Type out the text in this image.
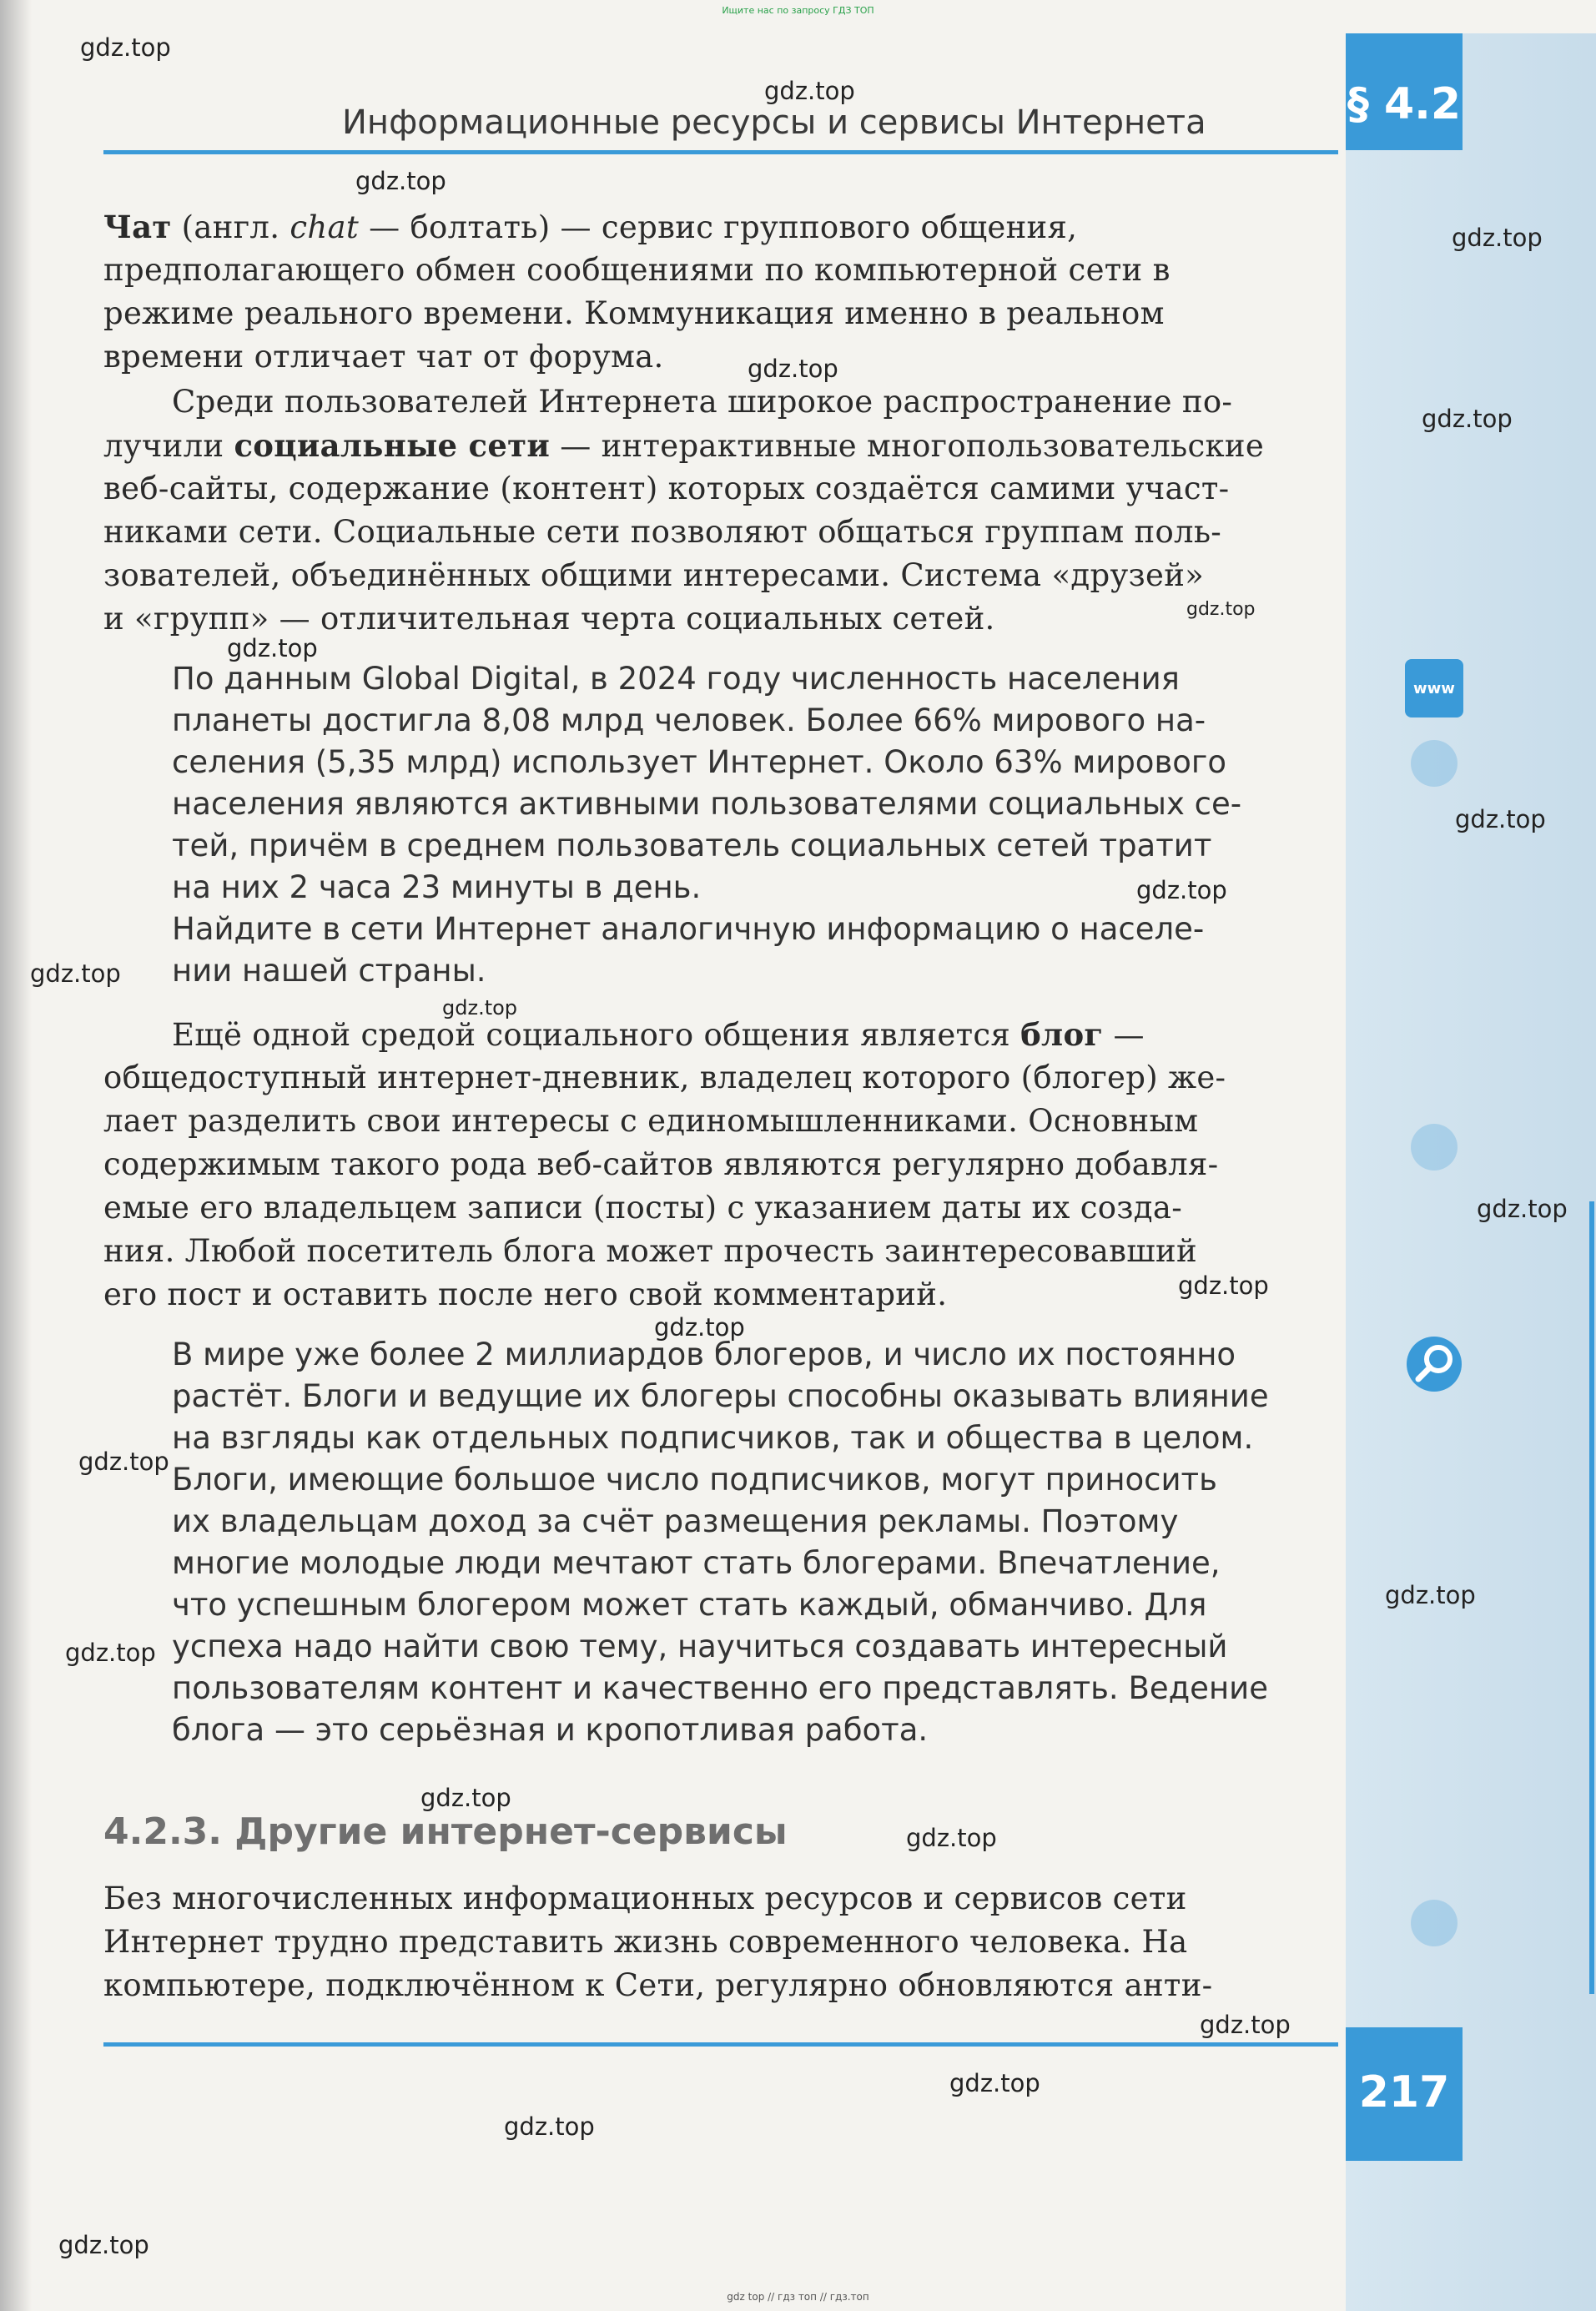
§ 4.2
217
Ищите нас по запросу ГДЗ ТОП
gdz top // гдз топ // гдз.топ
Информационные ресурсы и сервисы Интернета
Чат (англ. chat — болтать) — сервис группового общения,
предполагающего обмен сообщениями по компьютерной сети в
режиме реального времени. Коммуникация именно в реальном
времени отличает чат от форума.
Среди пользователей Интернета широкое распространение по-
лучили социальные сети — интерактивные многопользовательские
веб-сайты, содержание (контент) которых создаётся самими участ-
никами сети. Социальные сети позволяют общаться группам поль-
зователей, объединённых общими интересами. Система «друзей»
и «групп» — отличительная черта социальных сетей.
По данным Global Digital, в 2024 году численность населения
планеты достигла 8,08 млрд человек. Более 66% мирового на-
селения (5,35 млрд) использует Интернет. Около 63% мирового
населения являются активными пользователями социальных се-
тей, причём в среднем пользователь социальных сетей тратит
на них 2 часа 23 минуты в день.
Найдите в сети Интернет аналогичную информацию о населе-
нии нашей страны.
Ещё одной средой социального общения является блог —
общедоступный интернет-дневник, владелец которого (блогер) же-
лает разделить свои интересы с единомышленниками. Основным
содержимым такого рода веб-сайтов являются регулярно добавля-
емые его владельцем записи (посты) с указанием даты их созда-
ния. Любой посетитель блога может прочесть заинтересовавший
его пост и оставить после него свой комментарий.
В мире уже более 2 миллиардов блогеров, и число их постоянно
растёт. Блоги и ведущие их блогеры способны оказывать влияние
на взгляды как отдельных подписчиков, так и общества в целом.
Блоги, имеющие большое число подписчиков, могут приносить
их владельцам доход за счёт размещения рекламы. Поэтому
многие молодые люди мечтают стать блогерами. Впечатление,
что успешным блогером может стать каждый, обманчиво. Для
успеха надо найти свою тему, научиться создавать интересный
пользователям контент и качественно его представлять. Ведение
блога — это серьёзная и кропотливая работа.
4.2.3. Другие интернет-сервисы
Без многочисленных информационных ресурсов и сервисов сети
Интернет трудно представить жизнь современного человека. На
компьютере, подключённом к Сети, регулярно обновляются анти-
www
gdz.top
gdz.top
gdz.top
gdz.top
gdz.top
gdz.top
gdz.top
gdz.top
gdz.top
gdz.top
gdz.top
gdz.top
gdz.top
gdz.top
gdz.top
gdz.top
gdz.top
gdz.top
gdz.top
gdz.top
gdz.top
gdz.top
gdz.top
gdz.top
